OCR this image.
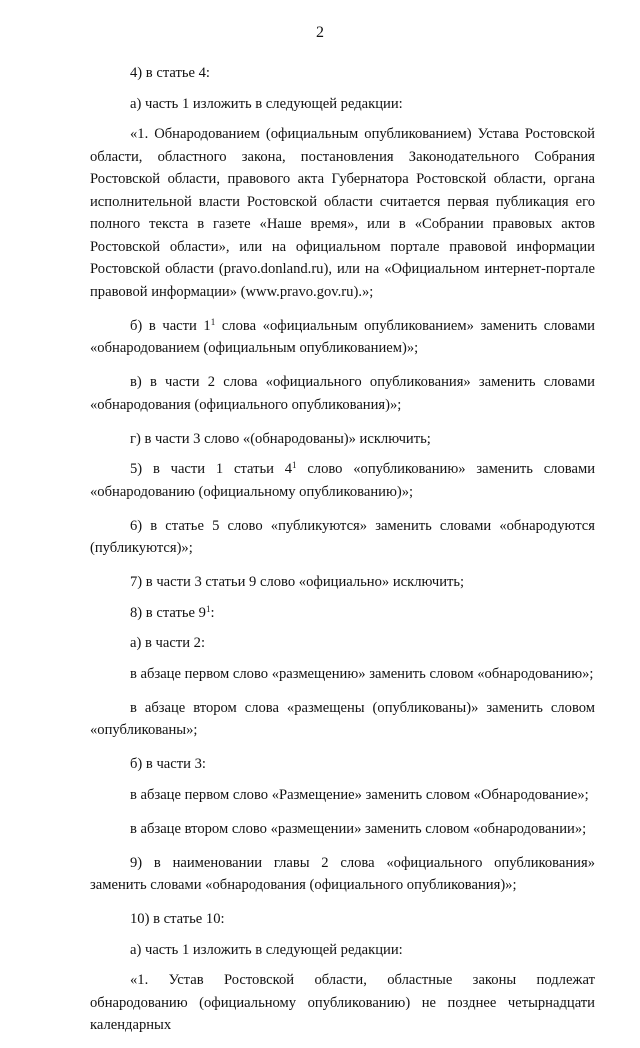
2

4) в статье 4:

а) часть 1 изложить в следующей редакции:

«1. Обнародованием (официальным опубликованием) Устава Ростовской области, областного закона, постановления Законодательного Собрания Ростовской области, правового акта Губернатора Ростовской области, органа исполнительной власти Ростовской области считается первая публикация его полного текста в газете «Наше время», или в «Собрании правовых актов Ростовской области», или на официальном портале правовой информации Ростовской области (pravo.donland.ru), или на «Официальном интернет-портале правовой информации» (www.pravo.gov.ru).»;

б) в части $1^1$ слова «официальным опубликованием» заменить словами «обнародованием (официальным опубликованием)»;

в) в части 2 слова «официального опубликования» заменить словами «обнародования (официального опубликования)»;

г) в части 3 слово «(обнародованы)» исключить;

5) в части 1 статьи $4^1$ слово «опубликованию» заменить словами «обнародованию (официальному опубликованию)»;

6) в статье 5 слово «публикуются» заменить словами «обнародуются (публикуются)»;

7) в части 3 статьи 9 слово «официально» исключить;

8) в статье $9^1$:

а) в части 2:

в абзаце первом слово «размещению» заменить словом «обнародованию»;

в абзаце втором слова «размещены (опубликованы)» заменить словом «опубликованы»;

б) в части 3:

в абзаце первом слово «Размещение» заменить словом «Обнародование»;

в абзаце втором слово «размещении» заменить словом «обнародовании»;

9) в наименовании главы 2 слова «официального опубликования» заменить словами «обнародования (официального опубликования)»;

10) в статье 10:

а) часть 1 изложить в следующей редакции:

«1. Устав Ростовской области, областные законы подлежат обнародованию (официальному опубликованию) не позднее четырнадцати календарных
